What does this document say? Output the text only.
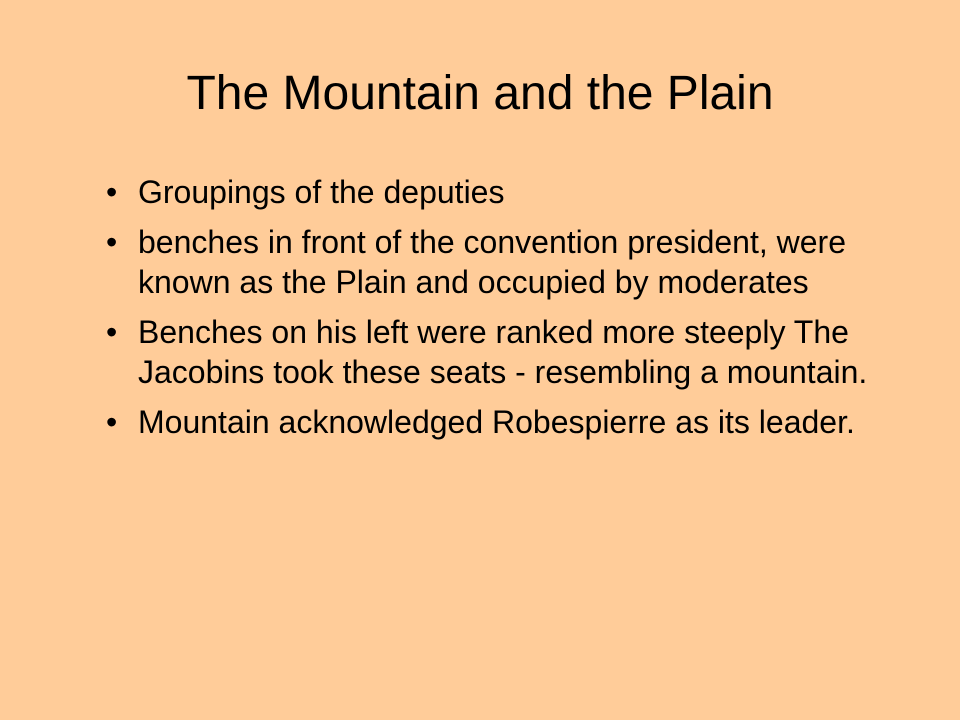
The Mountain and the Plain
• Groupings of the deputies
• benches in front of the convention president, were known as the Plain and occupied by moderates
• Benches on his left were ranked more steeply The Jacobins took these seats - resembling a mountain.
• Mountain acknowledged Robespierre as its leader.
